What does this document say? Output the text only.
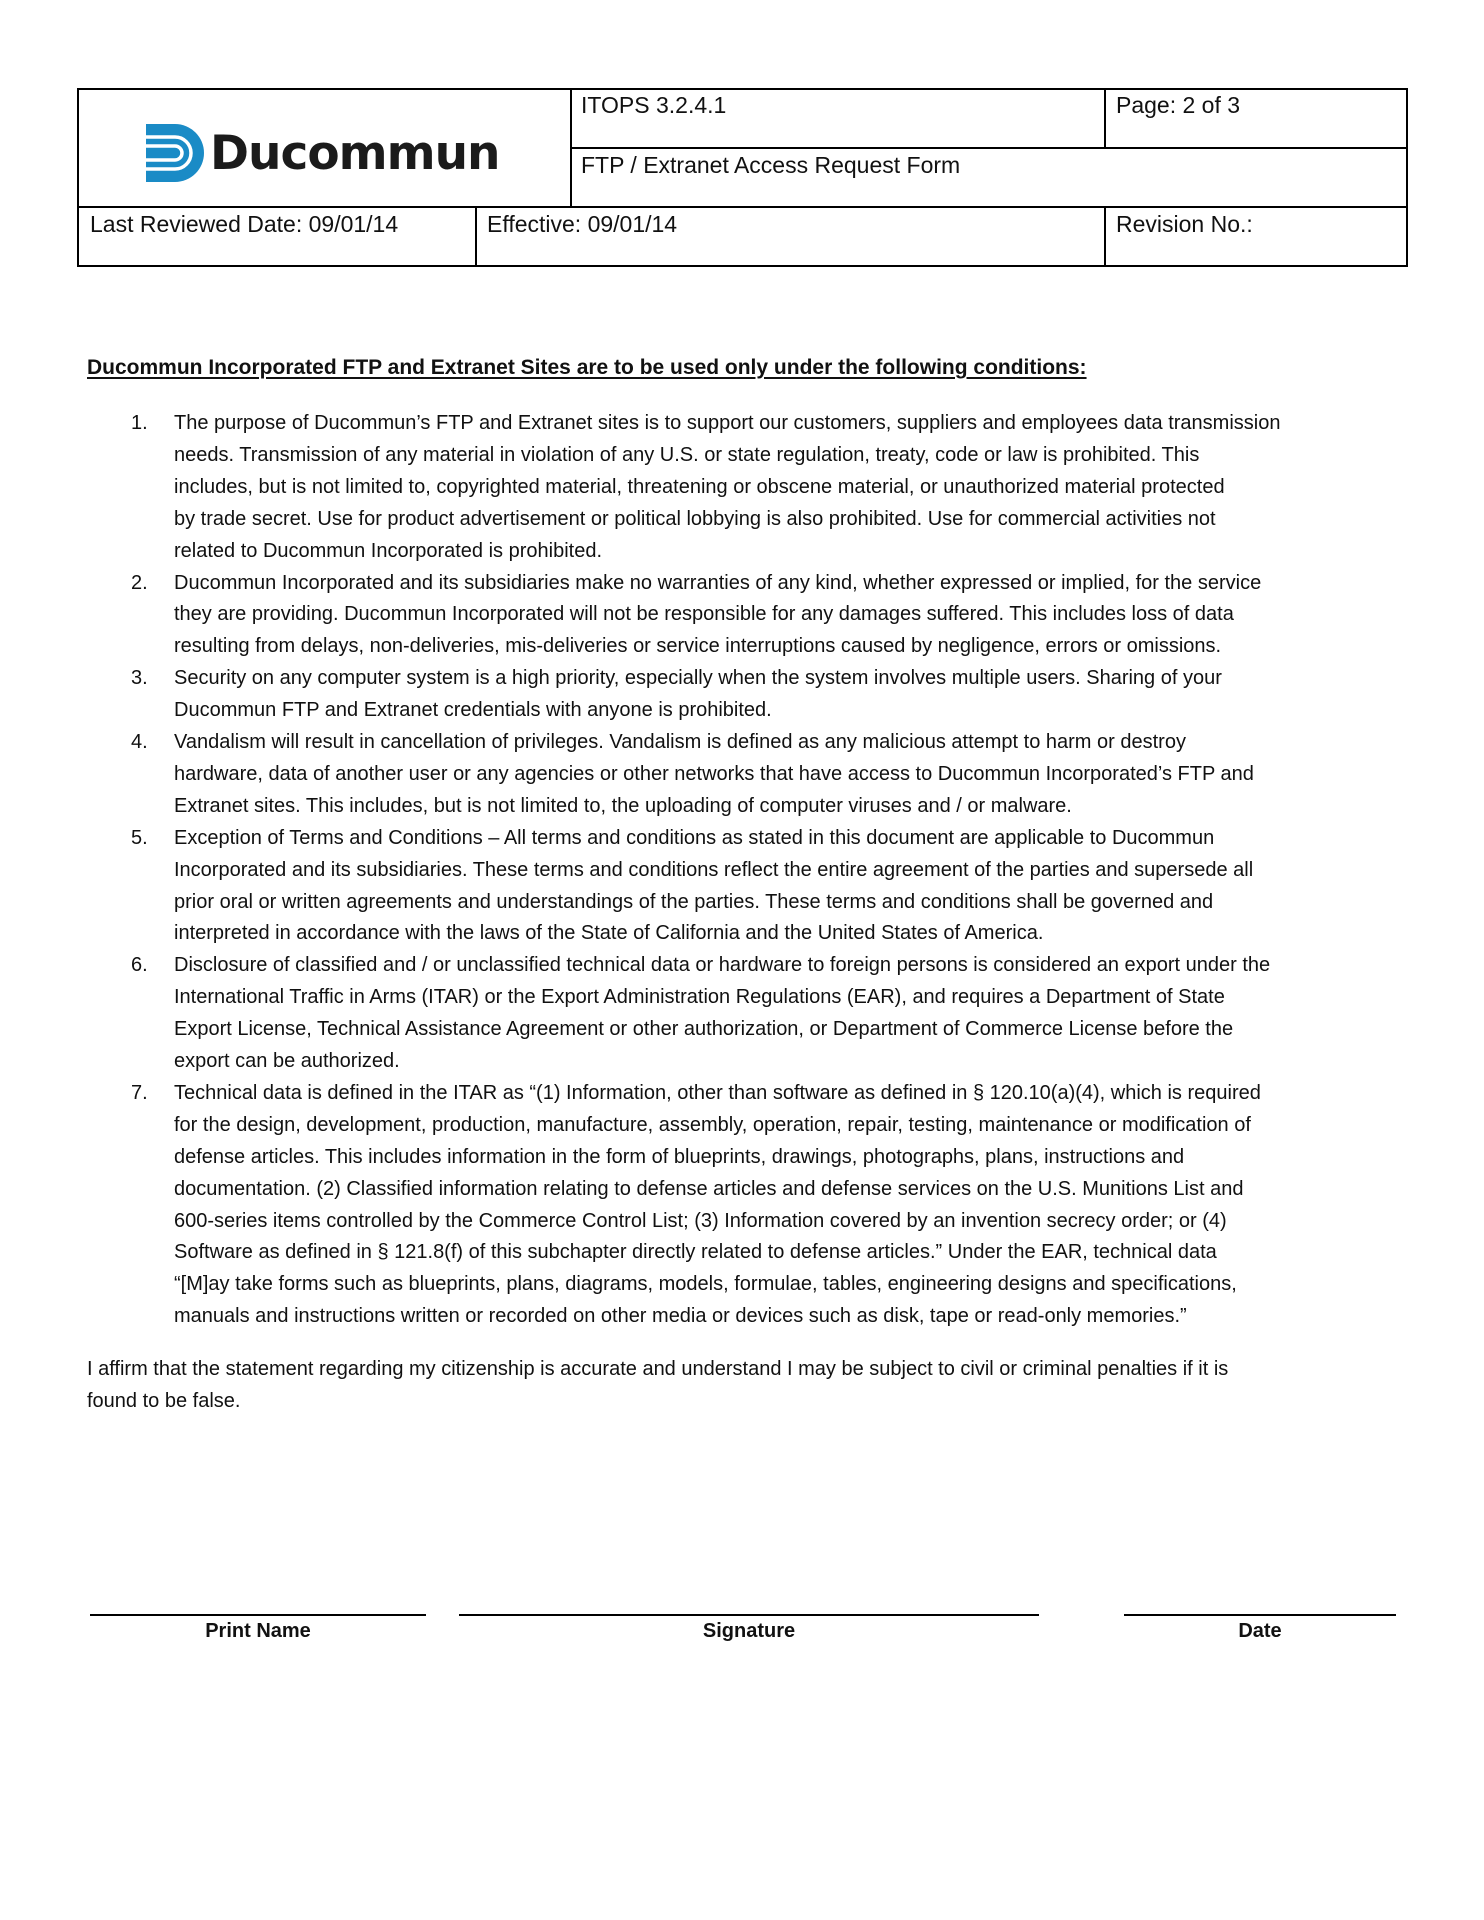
Ducommun
ITOPS 3.2.4.1	Page: 2 of 3
FTP / Extranet Access Request Form
Last Reviewed Date: 09/01/14	Effective: 09/01/14	Revision No.:
Ducommun Incorporated FTP and Extranet Sites are to be used only under the following conditions:
1. The purpose of Ducommun’s FTP and Extranet sites is to support our customers, suppliers and employees data transmission
needs. Transmission of any material in violation of any U.S. or state regulation, treaty, code or law is prohibited. This
includes, but is not limited to, copyrighted material, threatening or obscene material, or unauthorized material protected
by trade secret. Use for product advertisement or political lobbying is also prohibited. Use for commercial activities not
related to Ducommun Incorporated is prohibited.
2. Ducommun Incorporated and its subsidiaries make no warranties of any kind, whether expressed or implied, for the service
they are providing. Ducommun Incorporated will not be responsible for any damages suffered. This includes loss of data
resulting from delays, non-deliveries, mis-deliveries or service interruptions caused by negligence, errors or omissions.
3. Security on any computer system is a high priority, especially when the system involves multiple users. Sharing of your
Ducommun FTP and Extranet credentials with anyone is prohibited.
4. Vandalism will result in cancellation of privileges. Vandalism is defined as any malicious attempt to harm or destroy
hardware, data of another user or any agencies or other networks that have access to Ducommun Incorporated’s FTP and
Extranet sites. This includes, but is not limited to, the uploading of computer viruses and / or malware.
5. Exception of Terms and Conditions – All terms and conditions as stated in this document are applicable to Ducommun
Incorporated and its subsidiaries. These terms and conditions reflect the entire agreement of the parties and supersede all
prior oral or written agreements and understandings of the parties. These terms and conditions shall be governed and
interpreted in accordance with the laws of the State of California and the United States of America.
6. Disclosure of classified and / or unclassified technical data or hardware to foreign persons is considered an export under the
International Traffic in Arms (ITAR) or the Export Administration Regulations (EAR), and requires a Department of State
Export License, Technical Assistance Agreement or other authorization, or Department of Commerce License before the
export can be authorized.
7. Technical data is defined in the ITAR as “(1) Information, other than software as defined in § 120.10(a)(4), which is required
for the design, development, production, manufacture, assembly, operation, repair, testing, maintenance or modification of
defense articles. This includes information in the form of blueprints, drawings, photographs, plans, instructions and
documentation. (2) Classified information relating to defense articles and defense services on the U.S. Munitions List and
600-series items controlled by the Commerce Control List; (3) Information covered by an invention secrecy order; or (4)
Software as defined in § 121.8(f) of this subchapter directly related to defense articles.” Under the EAR, technical data
“[M]ay take forms such as blueprints, plans, diagrams, models, formulae, tables, engineering designs and specifications,
manuals and instructions written or recorded on other media or devices such as disk, tape or read-only memories.”
I affirm that the statement regarding my citizenship is accurate and understand I may be subject to civil or criminal penalties if it is
found to be false.
Print Name	Signature	Date
